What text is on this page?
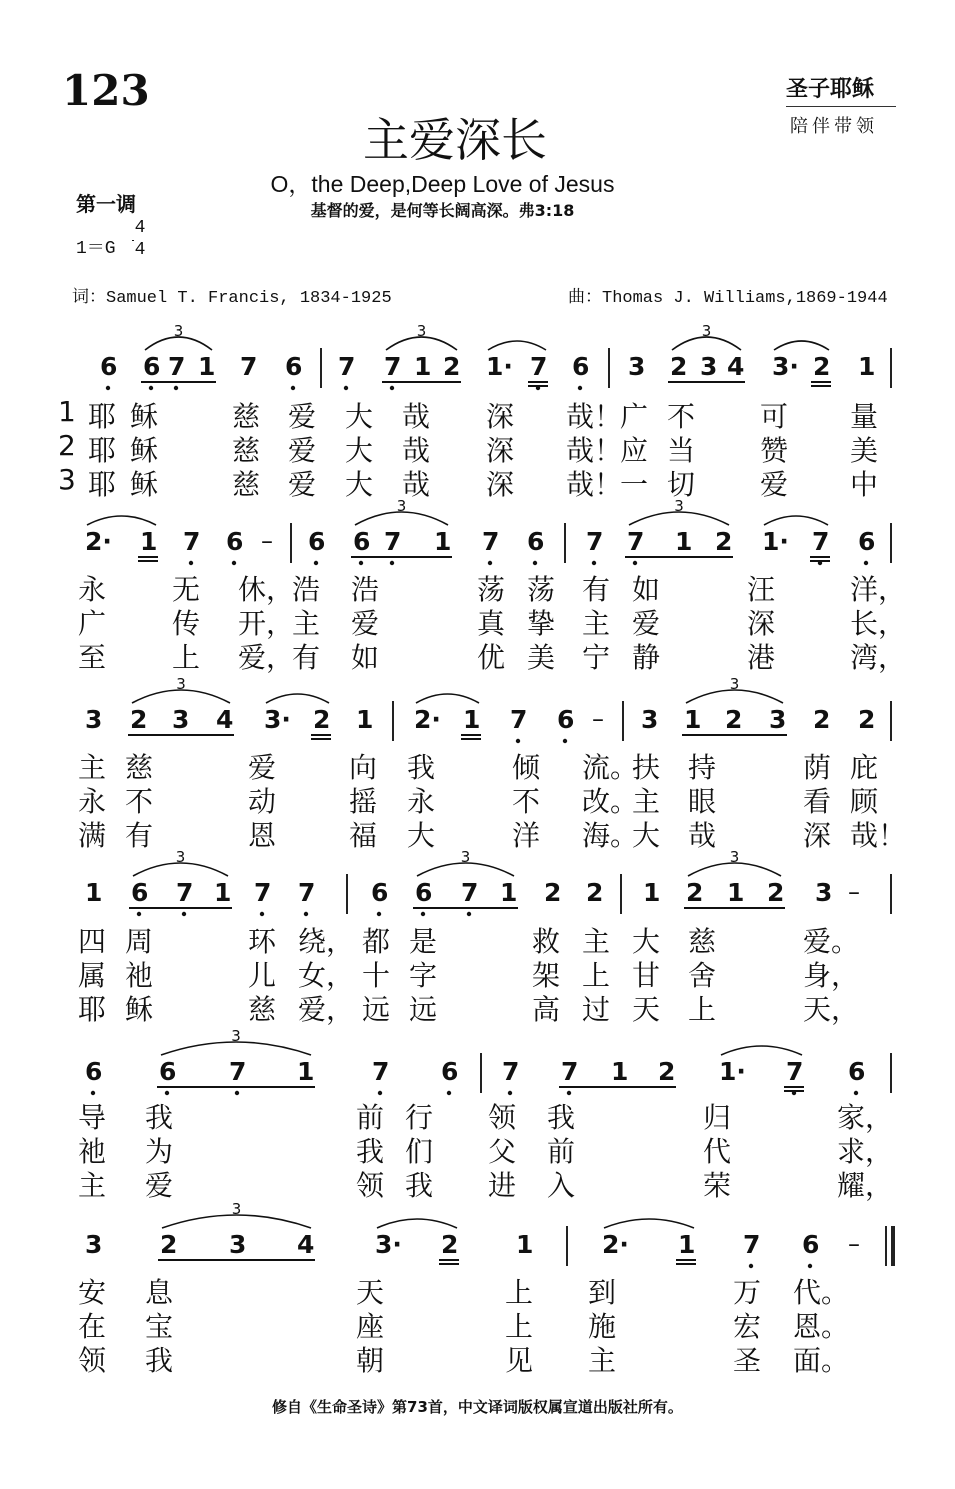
123	圣子耶稣
陪伴带领
主爱深长
O，the Deep,Deep Love of Jesus
基督的爱，是何等长阔高深。弗3:18
第一调
1＝G
4
4
词：Samuel T. Francis, 1834-1925	曲：Thomas J. Williams,1869-1944
6 6 7 1 7 6 7 7 1 2 1· 7 6 3 2 3 4 3· 2 1
1 耶 稣	慈 爱 大 哉 深 哉！
广 不 可 量
2 耶 稣	慈 爱 大 哉 深 哉！
应 当 赞 美
3 耶 稣	慈 爱 大 哉 深 哉！
一 切 爱 中
2· 1 7 6 – 6 6 7 1 7 6 7 7 1 2 1· 7 6
永 无 休，
浩 浩	荡 荡 有 如	汪	洋，
广 传 开，
主 爱	真 挚 主 爱	深	长，
至 上 爱，
有 如	优 美 宁 静	港	湾，
3 2 3 4 3· 2 1 2· 1 7 6 – 3 1 2 3 2 2
主 慈	爱	向 我	倾 流。
扶 持	荫 庇
永 不	动	摇 永	不 改。
主 眼	看 顾
满 有	恩	福 大	洋 海。
大 哉	深 哉！
1 6 7 1 7 7 6 6 7 1 2 2 1 2 1 2 3 –
四 周	环 绕， 都 是	救 主 大 慈	爱。
属 祂	儿 女， 十 字	架 上 甘 舍	身，
耶 稣	慈 爱， 远 远	高 过 天 上	天，
6 6 7 1 7 6 7 7 1 2 1· 7 6
导 我	前 行 领 我	归	家，
祂 为	我 们 父 前	代	求，
主 爱	领 我 进 入	荣	耀，
3 2 3 4 3· 2 1	2· 1 7 6 –
安 息	天	上 到	万 代。
在 宝	座	上 施	宏 恩。
领 我	朝	见 主	圣 面。
3	3	3
3	3
3	3
3	3	3
3
3
修自《生命圣诗》第73首，中文译词版权属宣道出版社所有。
